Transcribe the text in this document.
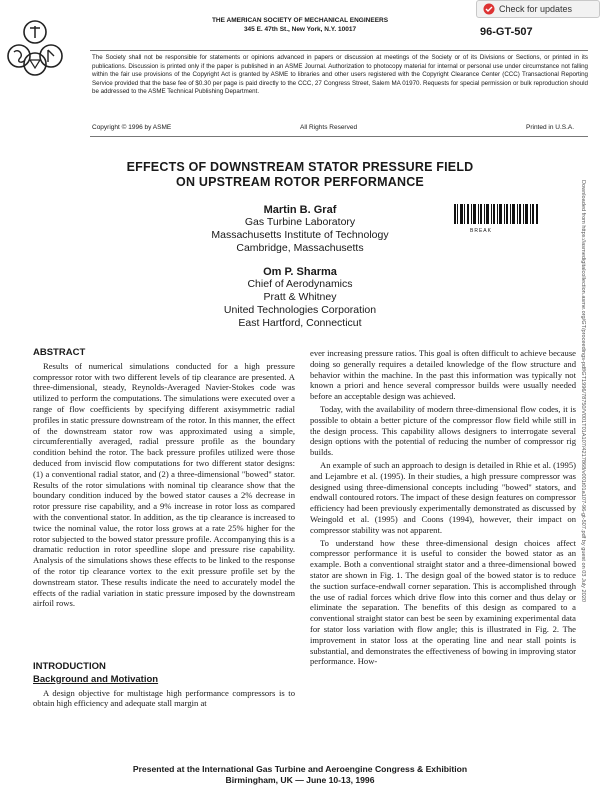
Check for updates
THE AMERICAN SOCIETY OF MECHANICAL ENGINEERS
345 E. 47th St., New York, N.Y. 10017	96-GT-507
The Society shall not be responsible for statements or opinions advanced in papers or discussion at meetings of the Society or of its Divisions or Sections, or printed in its publications. Discussion is printed only if the paper is published in an ASME Journal. Authorization to photocopy material for internal or personal use under circumstance not falling within the fair use provisions of the Copyright Act is granted by ASME to libraries and other users registered with the Copyright Clearance Center (CCC) Transactional Reporting Service provided that the base fee of $0.30 per page is paid directly to the CCC, 27 Congress Street, Salem MA 01970. Requests for special permission or bulk reproduction should be addressed to the ASME Technical Publishing Department.
Copyright © 1996 by ASME	All Rights Reserved	Printed in U.S.A.
EFFECTS OF DOWNSTREAM STATOR PRESSURE FIELD
ON UPSTREAM ROTOR PERFORMANCE
Martin B. Graf
Gas Turbine Laboratory
Massachusetts Institute of Technology
Cambridge, Massachusetts
Om P. Sharma
Chief of Aerodynamics
Pratt & Whitney
United Technologies Corporation
East Hartford, Connecticut
BREAK	Downloaded from https://asmedigitalcollection.asme.org/GT/proceedings-pdf/GT1996/78750/V001T01A107/4217868/v001t01a107-96-gt-507.pdf by guest on 03 July 2020
ABSTRACT

Results of numerical simulations conducted for a high pressure compressor rotor with two different levels of tip clearance are presented. A three-dimensional, steady, Reynolds-Averaged Navier-Stokes code was utilized to perform the computations. The simulations were executed over a range of flow coefficients by specifying different axisymmetric radial profiles in static pressure downstream of the rotor. In this manner, the effect of the downstream stator row was approximated using a simple, circumferentially averaged, radial pressure profile as the boundary condition behind the rotor. The back pressure profiles utilized were those deduced from inviscid flow computations for two different stator designs: (1) a conventional radial stator, and (2) a three-dimensional "bowed" stator. Results of the rotor simulations with nominal tip clearance show that the boundary condition induced by the bowed stator causes a 2% decrease in rotor pressure rise capability, and a 9% increase in rotor loss as compared with the conventional stator. In addition, as the tip clearance is increased to twice the nominal value, the rotor loss grows at a rate 25% higher for the rotor subjected to the bowed stator pressure profile. Accompanying this is a dramatic reduction in rotor speedline slope and pressure rise capability. Analysis of the simulations shows these effects to be linked to the response of the rotor tip clearance vortex to the exit pressure profile set by the downstream stator. These results indicate the need to accurately model the effects of the radial variation in static pressure imposed by the downstream airfoil rows.

INTRODUCTION
Background and Motivation

A design objective for multistage high performance compressors is to obtain high efficiency and adequate stall margin at

ever increasing pressure ratios. This goal is often difficult to achieve because doing so generally requires a detailed knowledge of the flow structure and behavior within the machine. In the past this information was typically not known a priori and hence several compressor builds were usually needed before an acceptable design was achieved.

Today, with the availability of modern three-dimensional flow codes, it is possible to obtain a better picture of the compressor flow field while still in the design process. This capability allows designers to interrogate several design options with the potential of reducing the number of compressor rig builds.

An example of such an approach to design is detailed in Rhie et al. (1995) and Lejambre et al. (1995). In their studies, a high pressure compressor was designed using three-dimensional concepts including "bowed" stators, and endwall contoured rotors. The impact of these design features on compressor efficiency had been previously experimentally demonstrated as discussed by Weingold et al. (1995) and Coons (1994), however, their impact on compressor stability was not apparent.

To understand how these three-dimensional design choices affect compressor performance it is useful to consider the bowed stator as an example. Both a conventional straight stator and a three-dimensional bowed stator are shown in Fig. 1. The design goal of the bowed stator is to reduce the suction surface-endwall corner separation. This is accomplished through the use of radial forces which drive flow into this corner and thus delay or eliminate the separation. The benefits of this design as compared to a conventional straight stator can best be seen by examining experimental data for stator loss variation with flow angle; this is illustrated in Fig. 2. The improvement in stator loss at the operating line and near stall points is substantial, and demonstrates the effectiveness of bowing in improving stator performance. How-

Presented at the International Gas Turbine and Aeroengine Congress & Exhibition
Birmingham, UK — June 10-13, 1996
